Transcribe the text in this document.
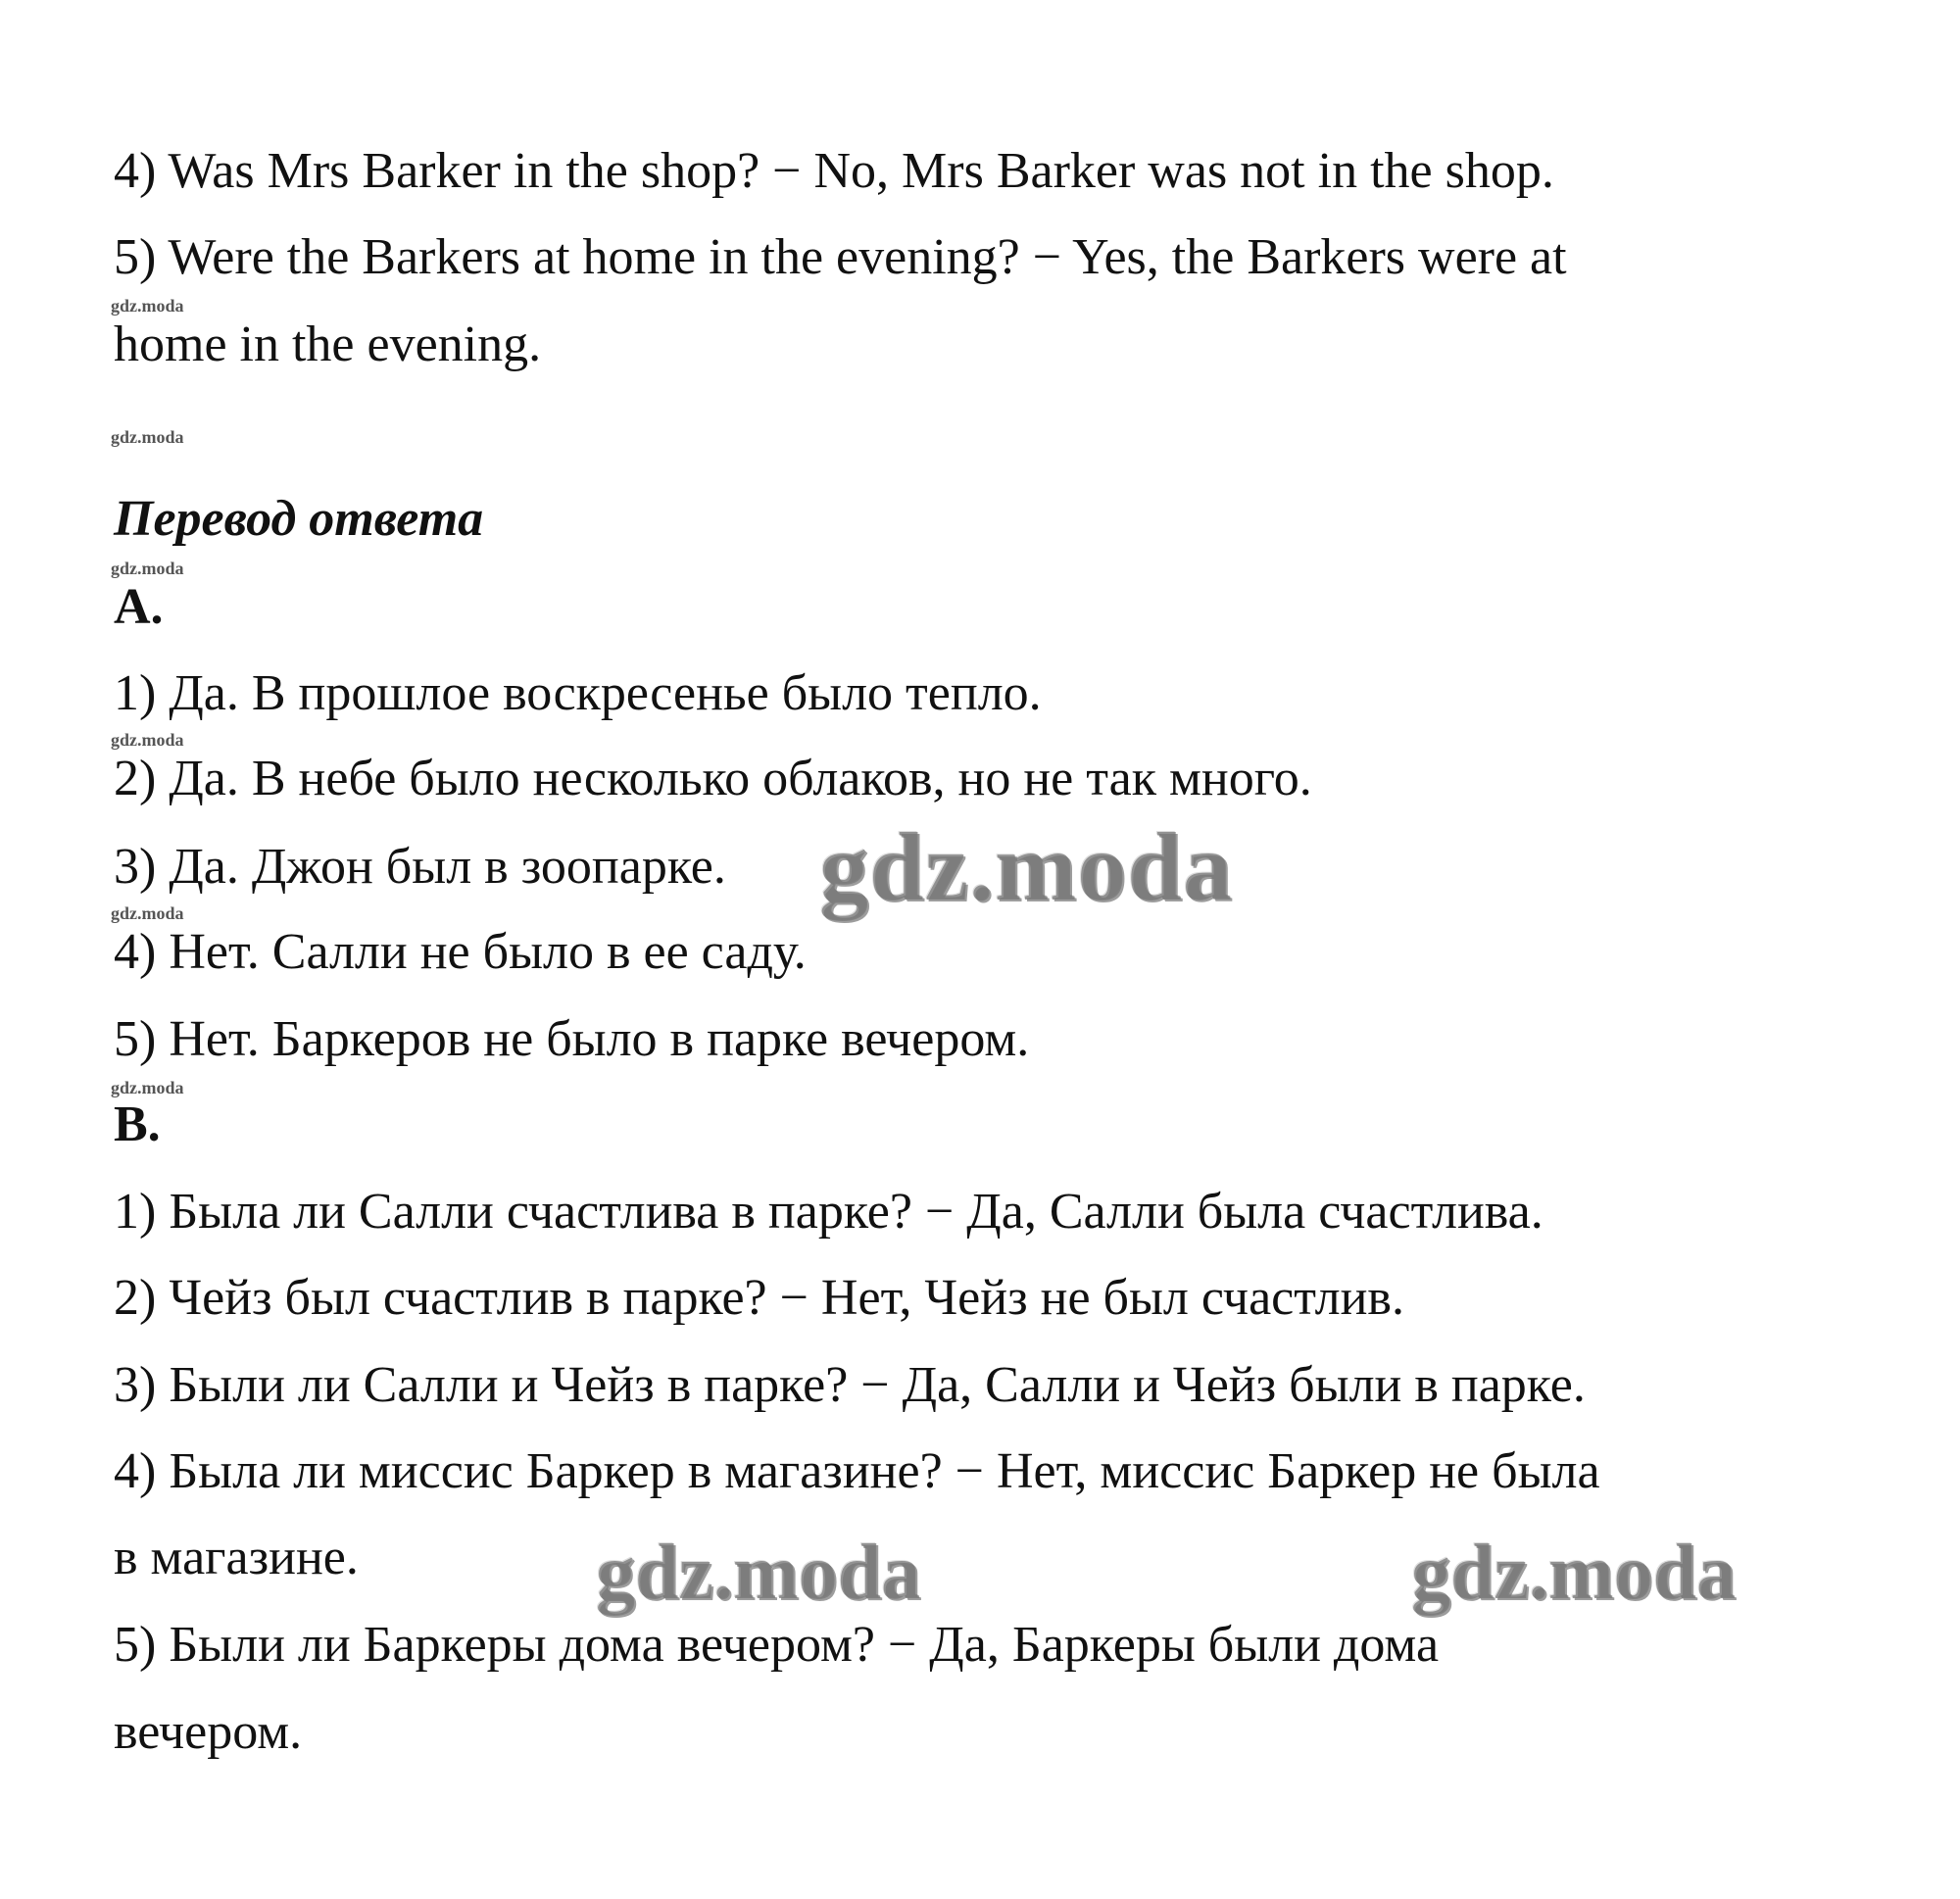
4) Was Mrs Barker in the shop? − No, Mrs Barker was not in the shop.
5) Were the Barkers at home in the evening? − Yes, the Barkers were at
gdz.moda
home in the evening.
gdz.moda
Перевод ответа
gdz.moda
A.
1) Да. В прошлое воскресенье было тепло.
gdz.moda
2) Да. В небе было несколько облаков, но не так много.
3) Да. Джон был в зоопарке. gdz.moda
gdz.moda
4) Нет. Салли не было в ее саду.
5) Нет. Баркеров не было в парке вечером.
gdz.moda
B.
1) Была ли Салли счастлива в парке? − Да, Салли была счастлива.
2) Чейз был счастлив в парке? − Нет, Чейз не был счастлив.
3) Были ли Салли и Чейз в парке? − Да, Салли и Чейз были в парке.
4) Была ли миссис Баркер в магазине? − Нет, миссис Баркер не была
в магазине.	gdz.moda	gdz.moda
5) Были ли Баркеры дома вечером? − Да, Баркеры были дома
вечером.
